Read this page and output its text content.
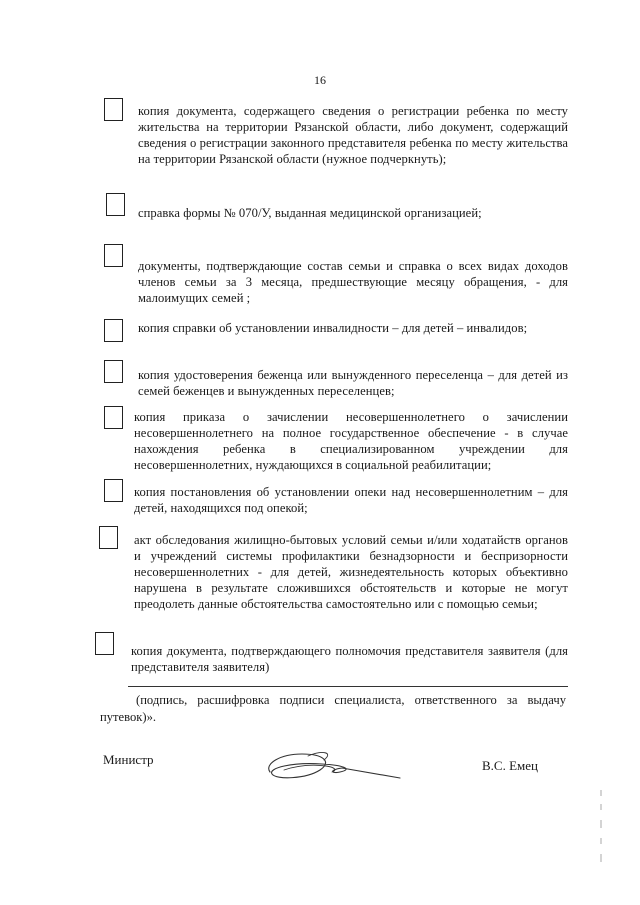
16
копия документа, содержащего сведения о регистрации ребенка по месту жительства на территории Рязанской области, либо документ, содержащий сведения о регистрации законного представителя ребенка по месту жительства на территории Рязанской области (нужное подчеркнуть);
справка формы № 070/У, выданная медицинской организацией;
документы, подтверждающие состав семьи и справка о всех видах доходов членов семьи за 3 месяца, предшествующие месяцу обращения, - для малоимущих семей ;
копия справки об установлении инвалидности – для детей – инвалидов;
копия удостоверения беженца или вынужденного переселенца – для детей из семей беженцев и вынужденных переселенцев;
копия приказа о зачислении несовершеннолетнего о зачислении несовершеннолетнего на полное государственное обеспечение - в случае нахождения ребенка в специализированном учреждении для несовершеннолетних, нуждающихся в социальной реабилитации;
копия постановления об установлении опеки над несовершеннолетним – для детей, находящихся под опекой;
акт обследования жилищно-бытовых условий семьи и/или ходатайств органов и учреждений системы профилактики безнадзорности и беспризорности несовершеннолетних - для детей, жизнедеятельность которых объективно нарушена в результате сложившихся обстоятельств и которые не могут преодолеть данные обстоятельства самостоятельно или с помощью семьи;
копия документа, подтверждающего полномочия представителя заявителя (для представителя заявителя)
(подпись, расшифровка подписи специалиста, ответственного за выдачу путевок)».
Министр	В.С. Емец
